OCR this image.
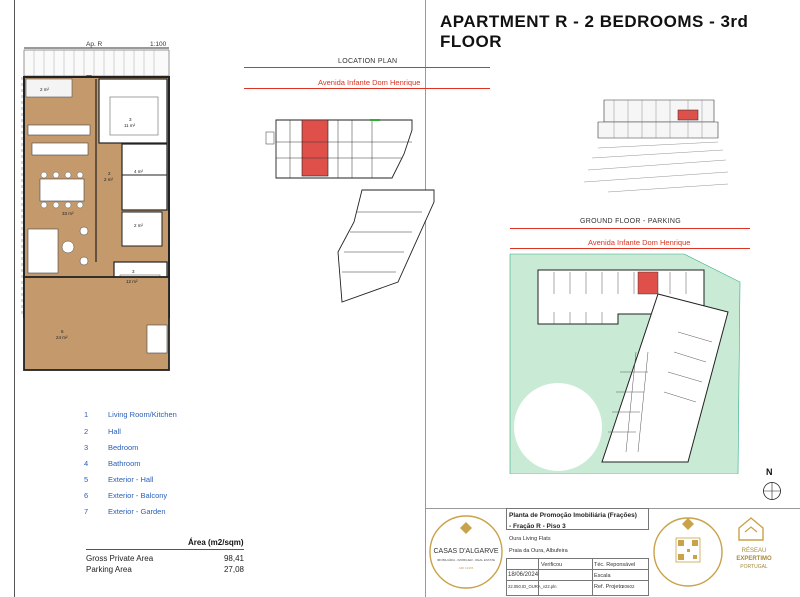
APARTMENT R - 2 BEDROOMS - 3rd FLOOR
Ap. R	1:100
2 m²
3
11 m²
2
2 m²
4 m²
2 m²
33 m²
3
12 m²
6
24 m²
LOCATION PLAN
Avenida Infante Dom Henrique
GROUND FLOOR - PARKING
Avenida Infante Dom Henrique
N
1	Living Room/Kitchen
2	Hall
3	Bedroom
4	Bathroom
5	Exterior - Hall
6	Exterior - Balcony
7	Exterior - Garden
Área (m2/sqm)
Gross Private Area	98,41
Parking Area	27,08
CASAS D'ALGARVE
IMOBILIÁRIA - IMOBILIER - REAL ESTATE
AMI 12345
Planta de Promoção Imobiliária (Frações)
- Fração R - Piso 3
Oura Living Flats
Praia da Oura, Albufeira
Verificou	Téc. Reponsável
18/06/2024	Escala
22.050.ID_OURA_v22.pln	Ref. Projeto
20602
RÉSEAU
EXPERTIMO
PORTUGAL
